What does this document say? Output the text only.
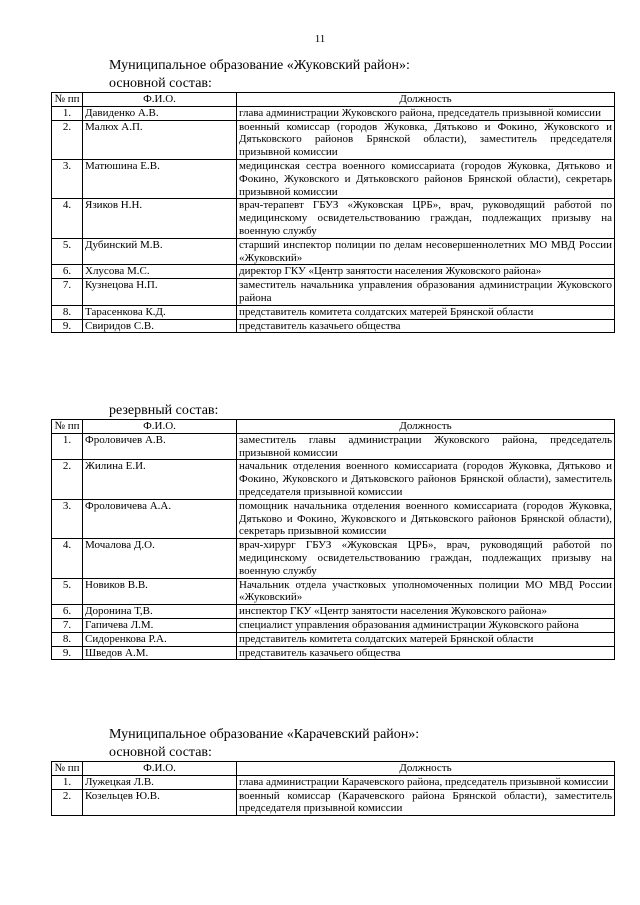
11
Муниципальное образование «Жуковский район»:
основной состав:
№ пп	Ф.И.О.	Должность
1.	Давиденко А.В.	глава администрации Жуковского района, председатель призывной комиссии
2.	Малюх А.П.	военный комиссар (городов Жуковка, Дятьково и Фокино, Жуковского и Дятьковского районов Брянской области), заместитель председателя призывной комиссии
3.	Матюшина Е.В.	медицинская сестра военного комиссариата (городов Жуковка, Дятьково и Фокино, Жуковского и Дятьковского районов Брянской области), секретарь призывной комиссии
4.	Язиков Н.Н.	врач-терапевт ГБУЗ «Жуковская ЦРБ», врач, руководящий работой по медицинскому освидетельствованию граждан, подлежащих призыву на военную службу
5.	Дубинский М.В.	старший инспектор полиции по делам несовершеннолетних МО МВД России «Жуковский»
6.	Хлусова М.С.	директор ГКУ «Центр занятости населения Жуковского района»
7.	Кузнецова Н.П.	заместитель начальника управления образования администрации Жуковского района
8.	Тарасенкова К.Д.	представитель комитета солдатских матерей Брянской области
9.	Свиридов С.В.	представитель казачьего общества
резервный состав:
№ пп	Ф.И.О.	Должность
1.	Фроловичев А.В.	заместитель главы администрации Жуковского района, председатель призывной комиссии
2.	Жилина Е.И.	начальник отделения военного комиссариата (городов Жуковка, Дятьково и Фокино, Жуковского и Дятьковского районов Брянской области), заместитель председателя призывной комиссии
3.	Фроловичева А.А.	помощник начальника отделения военного комиссариата (городов Жуковка, Дятьково и Фокино, Жуковского и Дятьковского районов Брянской области), секретарь призывной комиссии
4.	Мочалова Д.О.	врач-хирург ГБУЗ «Жуковская ЦРБ», врач, руководящий работой по медицинскому освидетельствованию граждан, подлежащих призыву на военную службу
5.	Новиков В.В.	Начальник отдела участковых уполномоченных полиции МО МВД России «Жуковский»
6.	Доронина Т,В.	инспектор ГКУ «Центр занятости населения Жуковского района»
7.	Гапичева Л.М.	специалист управления образования администрации Жуковского района
8.	Сидоренкова Р.А.	представитель комитета солдатских матерей Брянской области
9.	Шведов А.М.	представитель казачьего общества
Муниципальное образование «Карачевский район»:
основной состав:
№ пп	Ф.И.О.	Должность
1.	Лужецкая Л.В.	глава администрации Карачевского района, председатель призывной комиссии
2.	Козельцев Ю.В.	военный комиссар (Карачевского района Брянской области), заместитель председателя призывной комиссии
